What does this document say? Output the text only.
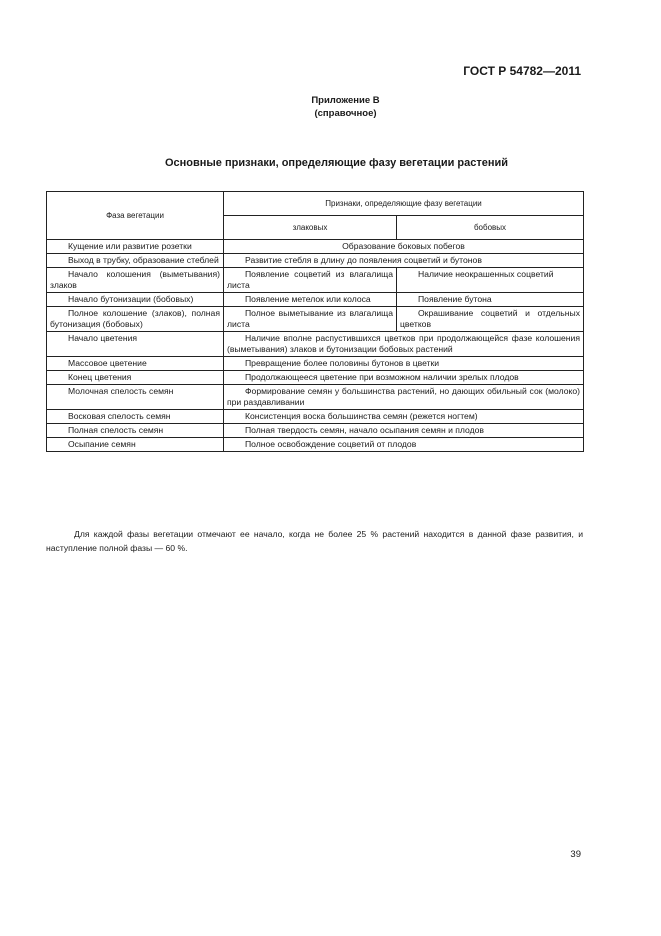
ГОСТ Р 54782—2011
Приложение В
(справочное)
Основные признаки, определяющие фазу вегетации растений
Фаза вегетации	Признаки, определяющие фазу вегетации	
	злаковых	бобовых
Кущение или развитие розетки	Образование боковых побегов	
Выход в трубку, образование стеблей	Развитие стебля в длину до появления соцветий и бутонов	
Начало колошения (выметывания) злаков	Появление соцветий из влагалища листа	Наличие неокрашенных соцветий
Начало бутонизации (бобовых)	Появление метелок или колоса	Появление бутона
Полное колошение (злаков), полная бутонизация (бобовых)	Полное выметывание из влагалища листа	Окрашивание соцветий и отдельных цветков
Начало цветения	Наличие вполне распустившихся цветков при продолжающейся фазе колошения (выметывания) злаков и бутонизации бобовых растений	
Массовое цветение	Превращение более половины бутонов в цветки	
Конец цветения	Продолжающееся цветение при возможном наличии зрелых плодов	
Молочная спелость семян	Формирование семян у большинства растений, но дающих обильный сок (молоко) при раздавливании	
Восковая спелость семян	Консистенция воска большинства семян (режется ногтем)	
Полная спелость семян	Полная твердость семян, начало осыпания семян и плодов	
Осыпание семян	Полное освобождение соцветий от плодов	

Для каждой фазы вегетации отмечают ее начало, когда не более 25 % растений находится в данной фазе развития, и наступление полной фазы — 60 %.

39
